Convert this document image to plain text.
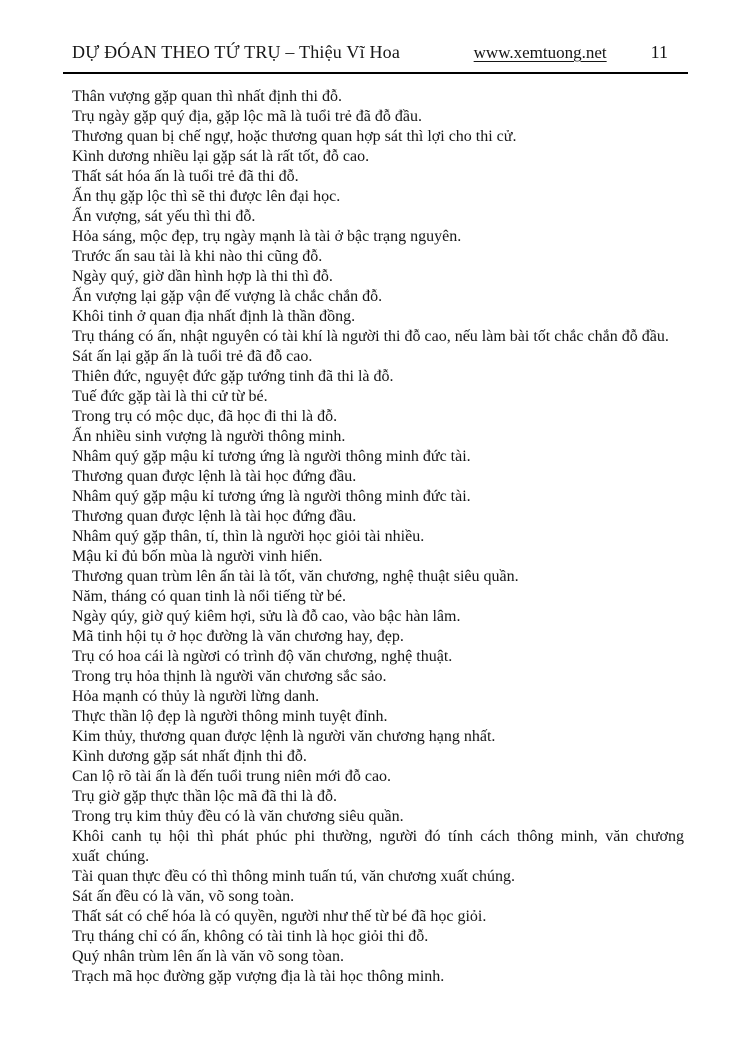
DỰ ĐÓAN THEO TỨ TRỤ – Thiệu Vĩ Hoa	www.xemtuong.net 11

Thân vượng gặp quan thì nhất định thi đỗ.

Trụ ngày gặp quý địa, gặp lộc mã là tuổi trẻ đã đỗ đầu.

Thương quan bị chế ngự, hoặc thương quan hợp sát thì lợi cho thi cử.

Kình dương nhiều lại gặp sát là rất tốt, đỗ cao.

Thất sát hóa ấn là tuổi trẻ đã thi đỗ.

Ấn thụ gặp lộc thì sẽ thi được lên đại học.

Ấn vượng, sát yếu thì thi đỗ.

Hỏa sáng, mộc đẹp, trụ ngày mạnh là tài ở bậc trạng nguyên.

Trước ấn sau tài là khi nào thi cũng đỗ.

Ngày quý, giờ dần hình hợp là thi thì đỗ.

Ấn vượng lại gặp vận đế vượng là chắc chắn đỗ.

Khôi tinh ở quan địa nhất định là thần đồng.

Trụ tháng có ấn, nhật nguyên có tài khí là người thi đỗ cao, nếu làm bài tốt chắc chắn đỗ đầu.

Sát ấn lại gặp ấn là tuổi trẻ đã đỗ cao.

Thiên đức, nguyệt đức gặp tướng tinh đã thi là đỗ.

Tuế đức gặp tài là thi cử từ bé.

Trong trụ có mộc dục, đã học đi thi là đỗ.

Ấn nhiều sinh vượng là người thông minh.

Nhâm quý gặp mậu kỉ tương ứng là người thông minh đức tài.

Thương quan được lệnh là tài học đứng đầu.

Nhâm quý gặp mậu kỉ tương ứng là người thông minh đức tài.

Thương quan được lệnh là tài học đứng đầu.

Nhâm quý gặp thân, tí, thìn là người học giỏi tài nhiều.

Mậu kỉ đủ bốn mùa là người vinh hiển.

Thương quan trùm lên ấn tài là tốt, văn chương, nghệ thuật siêu quần.

Năm, tháng có quan tinh là nổi tiếng từ bé.

Ngày qúy, giờ quý kiêm hợi, sửu là đỗ cao, vào bậc hàn lâm.

Mã tinh hội tụ ở học đường là văn chương hay, đẹp.

Trụ có hoa cái là ngừơi có trình độ văn chương, nghệ thuật.

Trong trụ hỏa thịnh là người văn chương sắc sảo.

Hỏa mạnh có thủy là người lừng danh.

Thực thần lộ đẹp là người thông minh tuyệt đỉnh.

Kim thủy, thương quan được lệnh là người văn chương hạng nhất.

Kình dương gặp sát nhất định thi đỗ.

Can lộ rõ tài ấn là đến tuổi trung niên mới đỗ cao.

Trụ giờ gặp thực thần lộc mã đã thi là đỗ.

Trong trụ kim thủy đều có là văn chương siêu quần.

Khôi canh tụ hội thì phát phúc phi thường, người đó tính cách thông minh, văn chương xuất chúng.

Tài quan thực đều có thì thông minh tuấn tú, văn chương xuất chúng.

Sát ấn đều có là văn, võ song toàn.

Thất sát có chế hóa là có quyền, người như thế từ bé đã học giỏi.

Trụ tháng chỉ có ấn, không có tài tinh là học giỏi thi đỗ.

Quý nhân trùm lên ấn là văn võ song tòan.

Trạch mã học đường gặp vượng địa là tài học thông minh.
